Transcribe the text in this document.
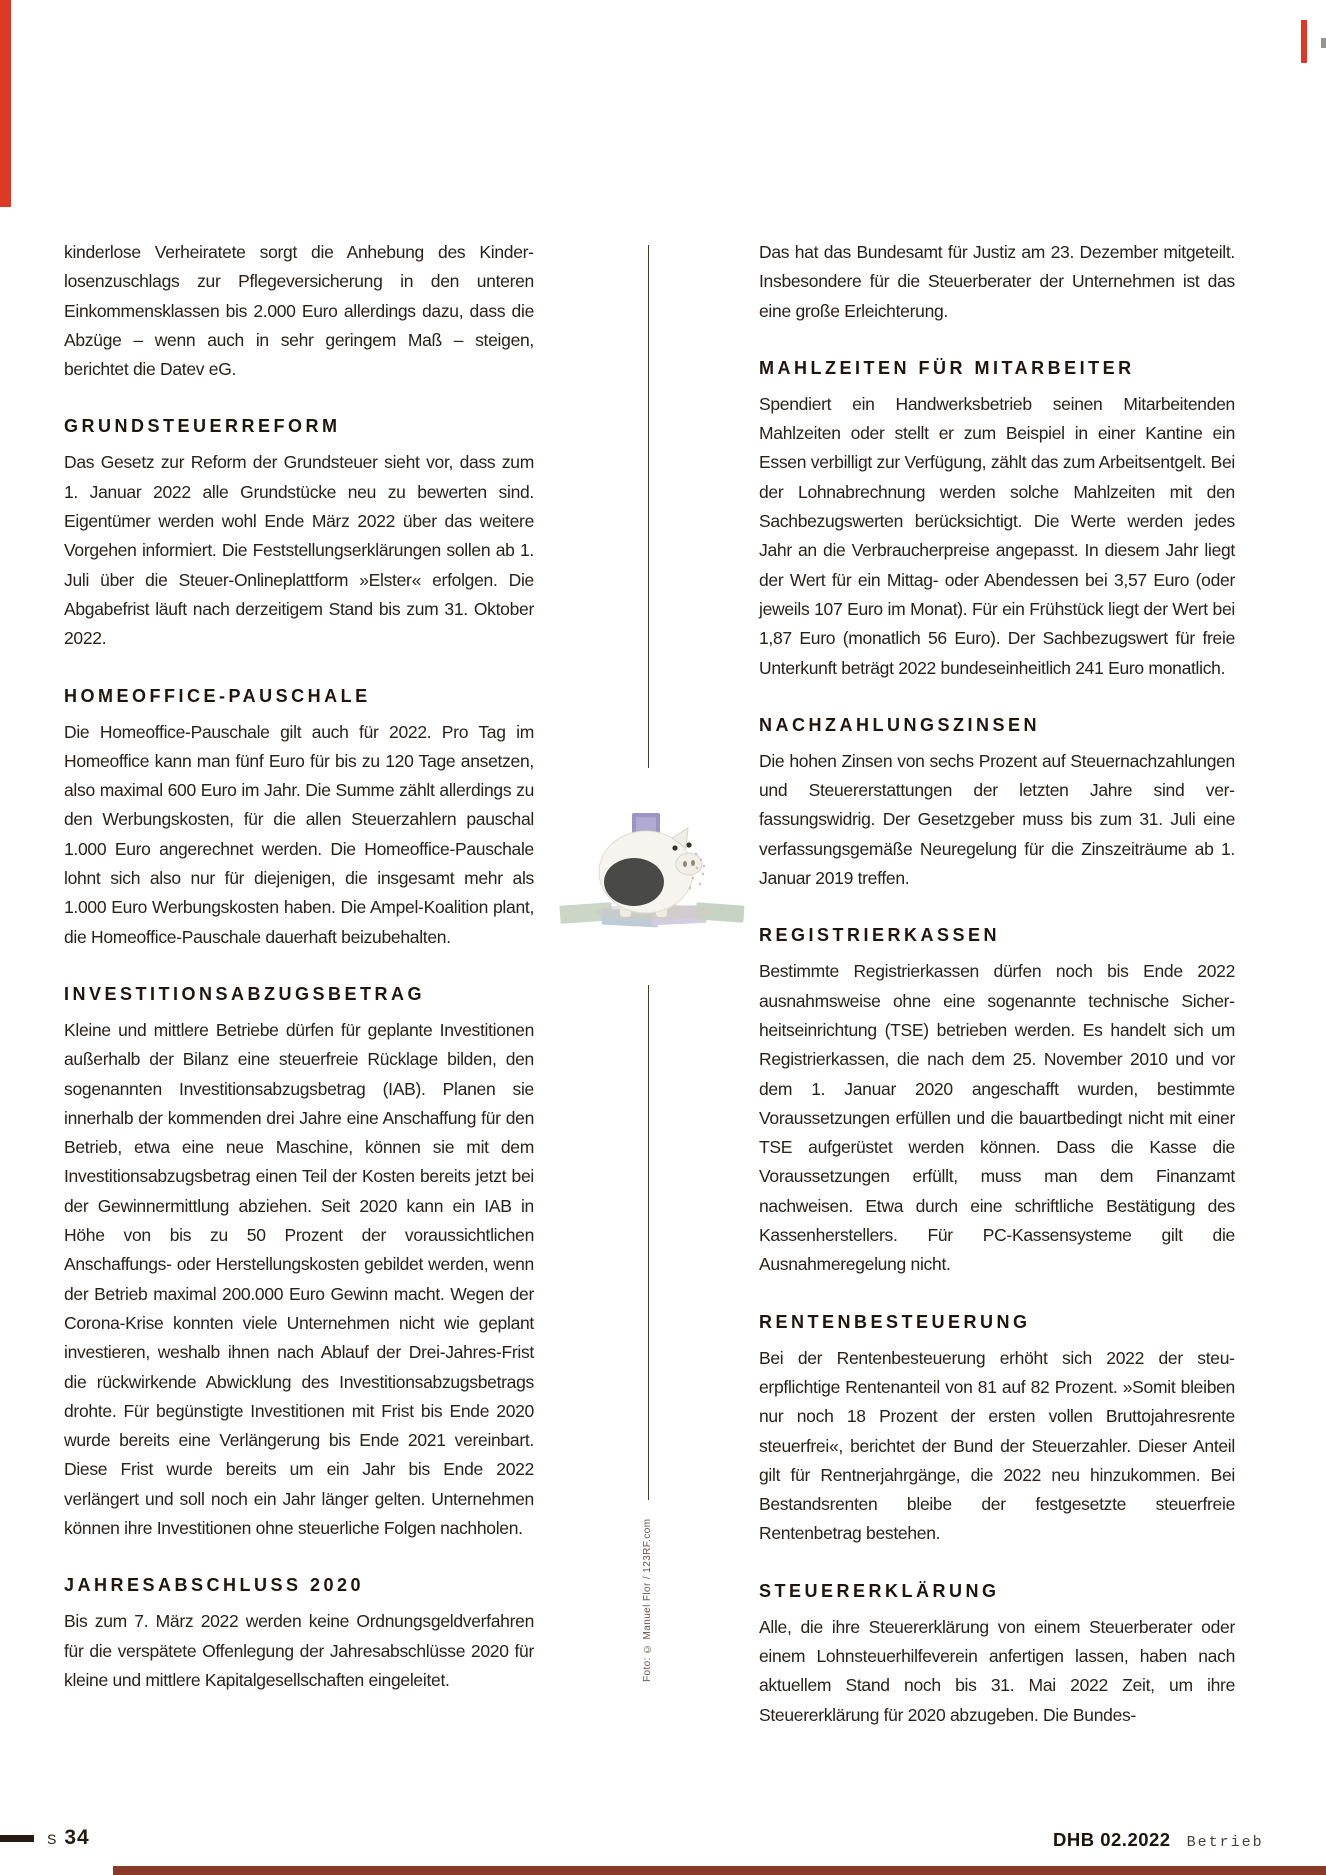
kinderlose Verheiratete sorgt die Anhebung des Kinderlosenzuschlags zur Pflegeversicherung in den unteren Einkommensklassen bis 2.000 Euro allerdings dazu, dass die Abzüge – wenn auch in sehr geringem Maß – steigen, berichtet die Datev eG.

GRUNDSTEUERREFORM

Das Gesetz zur Reform der Grundsteuer sieht vor, dass zum 1. Januar 2022 alle Grundstücke neu zu bewerten sind. Eigentümer werden wohl Ende März 2022 über das weitere Vorgehen informiert. Die Feststellungserklärungen sollen ab 1. Juli über die Steuer-Onlineplattform »Elster« erfolgen. Die Abgabefrist läuft nach derzeitigem Stand bis zum 31. Oktober 2022.

HOMEOFFICE-PAUSCHALE

Die Homeoffice-Pauschale gilt auch für 2022. Pro Tag im Homeoffice kann man fünf Euro für bis zu 120 Tage ansetzen, also maximal 600 Euro im Jahr. Die Summe zählt allerdings zu den Werbungskosten, für die allen Steuerzahlern pauschal 1.000 Euro angerechnet werden. Die Homeoffice-Pauschale lohnt sich also nur für diejenigen, die insgesamt mehr als 1.000 Euro Werbungskosten haben. Die Ampel-Koalition plant, die Homeoffice-Pauschale dauerhaft beizubehalten.

INVESTITIONSABZUGSBETRAG

Kleine und mittlere Betriebe dürfen für geplante Investitionen außerhalb der Bilanz eine steuerfreie Rücklage bilden, den sogenannten Investitionsabzugsbetrag (IAB). Planen sie innerhalb der kommenden drei Jahre eine Anschaffung für den Betrieb, etwa eine neue Maschine, können sie mit dem Investitionsabzugsbetrag einen Teil der Kosten bereits jetzt bei der Gewinnermittlung abziehen. Seit 2020 kann ein IAB in Höhe von bis zu 50 Prozent der voraussichtlichen Anschaffungs- oder Herstellungskosten gebildet werden, wenn der Betrieb maximal 200.000 Euro Gewinn macht. Wegen der Corona-Krise konnten viele Unternehmen nicht wie geplant investieren, weshalb ihnen nach Ablauf der Drei-Jahres-Frist die rückwirkende Abwicklung des Investitionsabzugsbetrags drohte. Für begünstigte Investitionen mit Frist bis Ende 2020 wurde bereits eine Verlängerung bis Ende 2021 vereinbart. Diese Frist wurde bereits um ein Jahr bis Ende 2022 verlängert und soll noch ein Jahr länger gelten. Unternehmen können ihre Investitionen ohne steuerliche Folgen nachholen.

JAHRESABSCHLUSS 2020

Bis zum 7. März 2022 werden keine Ordnungsgeldverfahren für die verspätete Offenlegung der Jahresabschlüsse 2020 für kleine und mittlere Kapitalgesellschaften eingeleitet.

Das hat das Bundesamt für Justiz am 23. Dezember mitgeteilt. Insbesondere für die Steuerberater der Unternehmen ist das eine große Erleichterung.

MAHLZEITEN FÜR MITARBEITER

Spendiert ein Handwerksbetrieb seinen Mitarbeitenden Mahlzeiten oder stellt er zum Beispiel in einer Kantine ein Essen verbilligt zur Verfügung, zählt das zum Arbeitsentgelt. Bei der Lohnabrechnung werden solche Mahlzeiten mit den Sachbezugswerten berücksichtigt. Die Werte werden jedes Jahr an die Verbraucherpreise angepasst. In diesem Jahr liegt der Wert für ein Mittag- oder Abendessen bei 3,57 Euro (oder jeweils 107 Euro im Monat). Für ein Frühstück liegt der Wert bei 1,87 Euro (monatlich 56 Euro). Der Sachbezugswert für freie Unterkunft beträgt 2022 bundeseinheitlich 241 Euro monatlich.

NACHZAHLUNGSZINSEN

Die hohen Zinsen von sechs Prozent auf Steuernachzahlungen und Steuererstattungen der letzten Jahre sind verfassungswidrig. Der Gesetzgeber muss bis zum 31. Juli eine verfassungsgemäße Neuregelung für die Zinszeiträume ab 1. Januar 2019 treffen.

REGISTRIERKASSEN

Bestimmte Registrierkassen dürfen noch bis Ende 2022 ausnahmsweise ohne eine sogenannte technische Sicherheitseinrichtung (TSE) betrieben werden. Es handelt sich um Registrierkassen, die nach dem 25. November 2010 und vor dem 1. Januar 2020 angeschafft wurden, bestimmte Voraussetzungen erfüllen und die bauartbedingt nicht mit einer TSE aufgerüstet werden können. Dass die Kasse die Voraussetzungen erfüllt, muss man dem Finanzamt nachweisen. Etwa durch eine schriftliche Bestätigung des Kassenherstellers. Für PC-Kassensysteme gilt die Ausnahmeregelung nicht.

RENTENBESTEUERUNG

Bei der Rentenbesteuerung erhöht sich 2022 der steuerpflichtige Rentenanteil von 81 auf 82 Prozent. »Somit bleiben nur noch 18 Prozent der ersten vollen Bruttojahresrente steuerfrei«, berichtet der Bund der Steuerzahler. Dieser Anteil gilt für Rentnerjahrgänge, die 2022 neu hinzukommen. Bei Bestandsrenten bleibe der festgesetzte steuerfreie Rentenbetrag bestehen.

STEUERERKLÄRUNG

Alle, die ihre Steuererklärung von einem Steuerberater oder einem Lohnsteuerhilfeverein anfertigen lassen, haben nach aktuellem Stand noch bis 31. Mai 2022 Zeit, um ihre Steuererklärung für 2020 abzugeben. Die Bundes-

Foto: © Manuel Flor / 123RF.com
S 34	DHB 02.2022 Betrieb
